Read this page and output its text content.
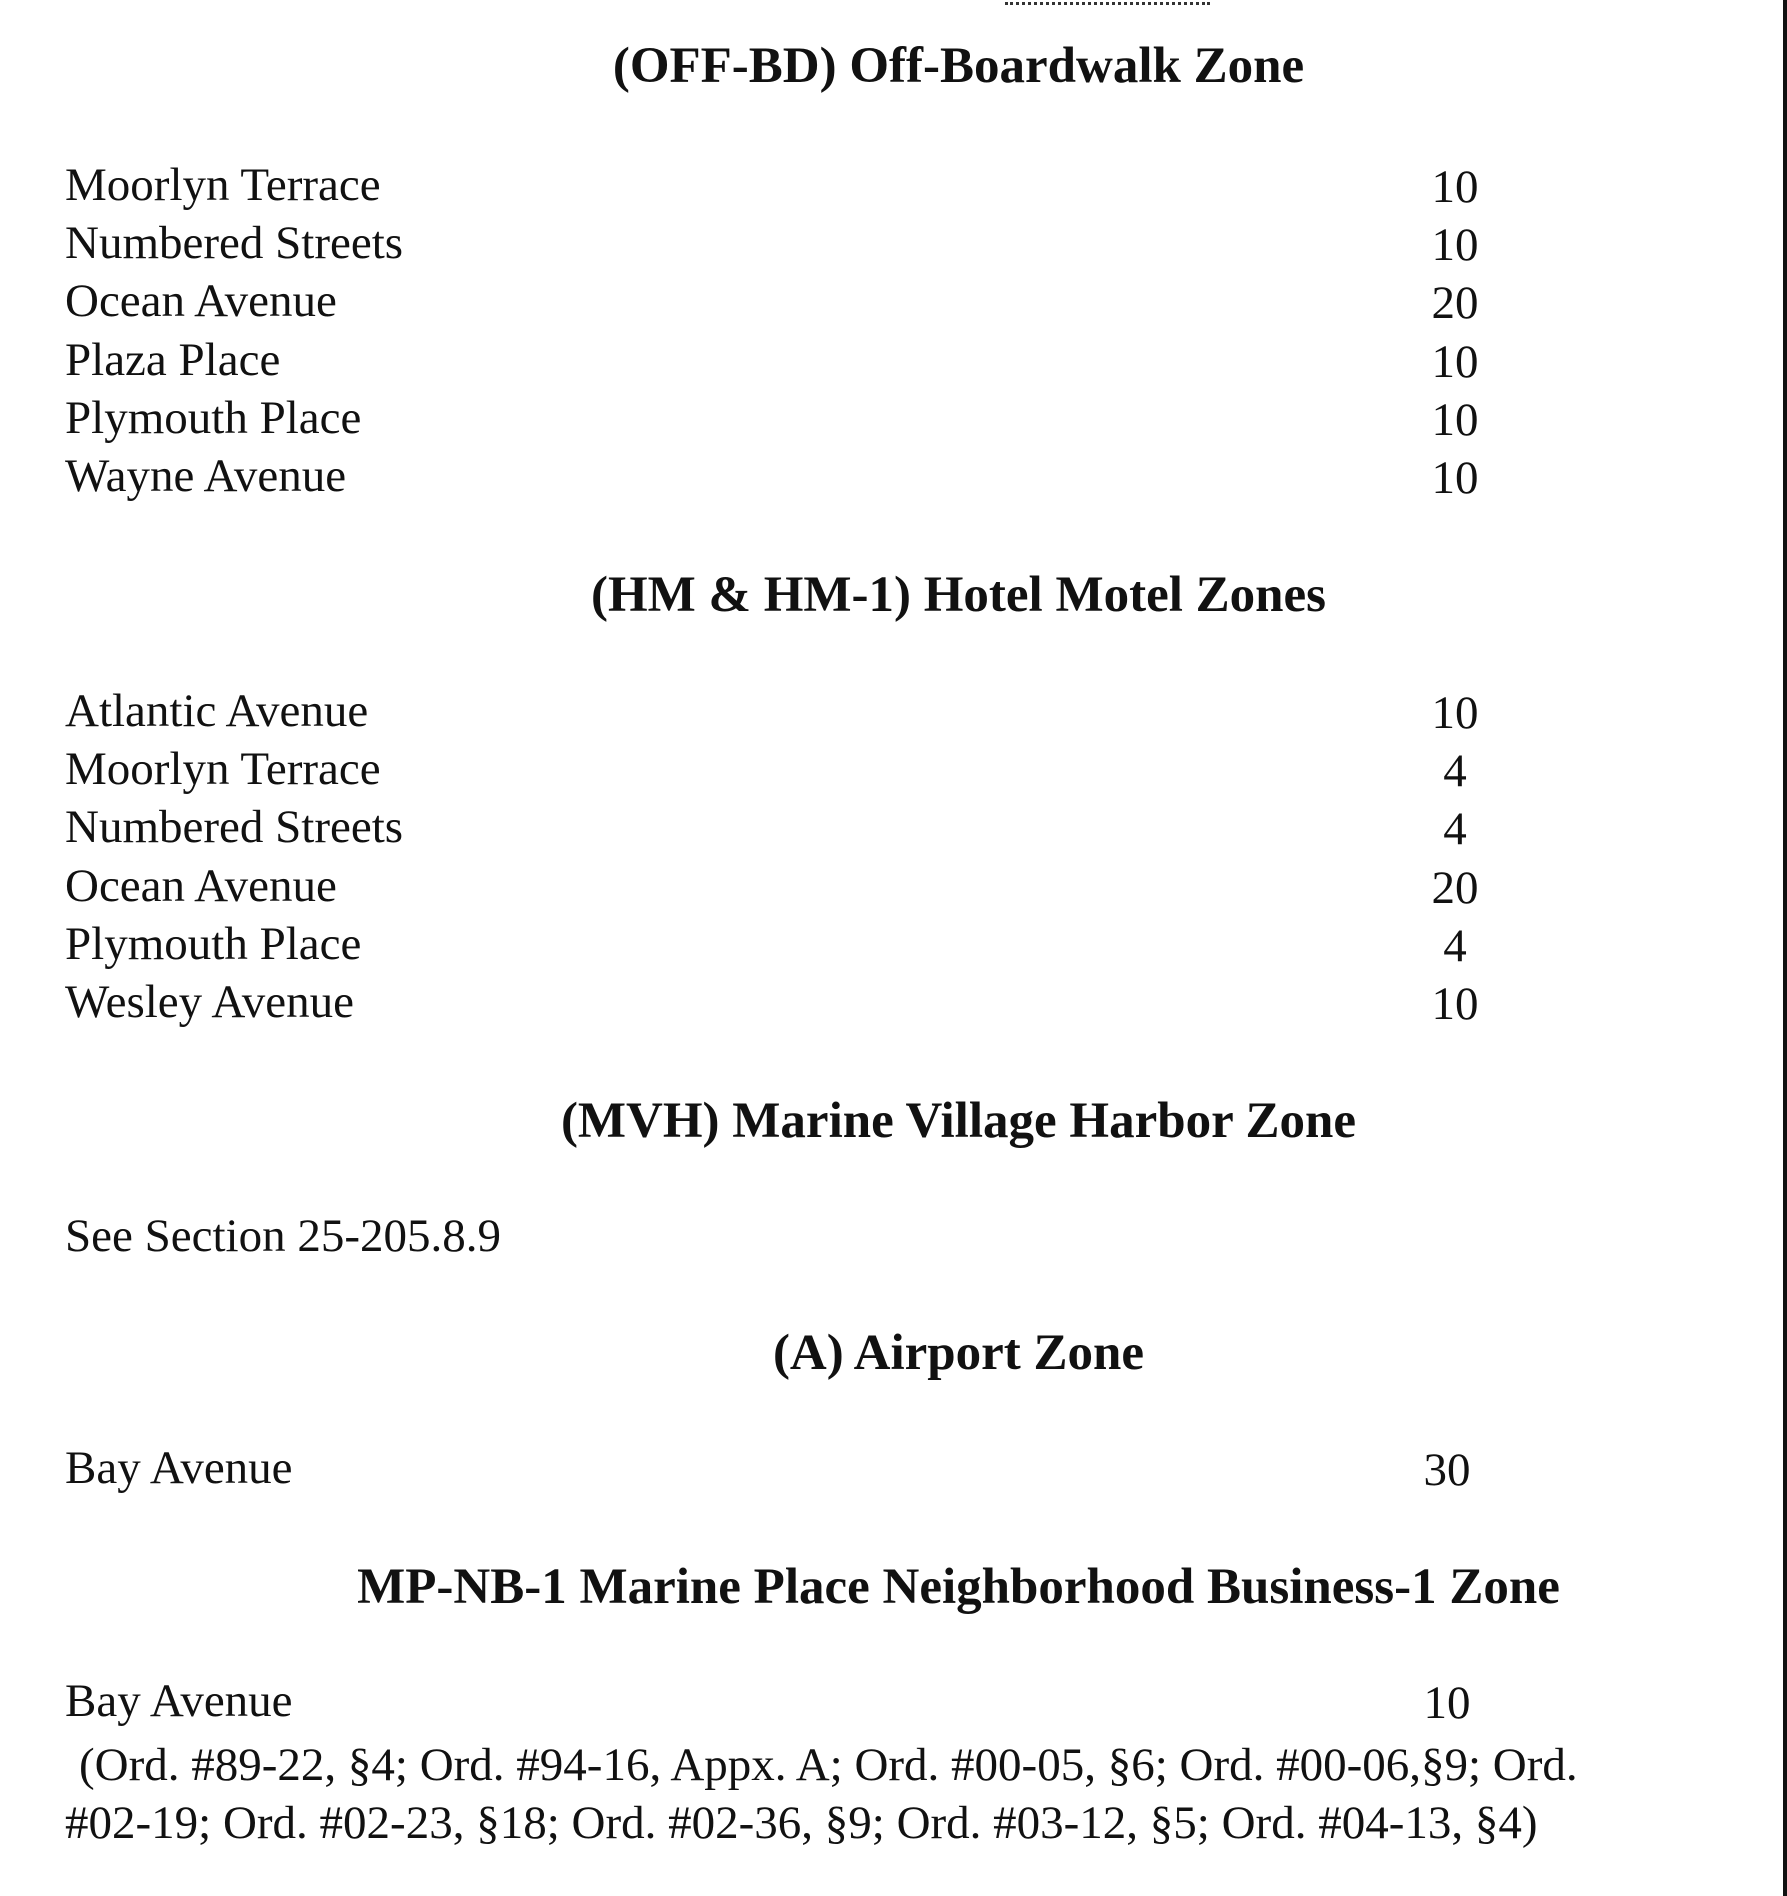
(OFF-BD) Off-Boardwalk Zone
Moorlyn Terrace	10
Numbered Streets	10
Ocean Avenue	20
Plaza Place	10
Plymouth Place	10
Wayne Avenue	10
(HM & HM-1) Hotel Motel Zones
Atlantic Avenue	10
Moorlyn Terrace	4
Numbered Streets	4
Ocean Avenue	20
Plymouth Place	4
Wesley Avenue	10
(MVH) Marine Village Harbor Zone
See Section 25-205.8.9
(A) Airport Zone
Bay Avenue	30
MP-NB-1 Marine Place Neighborhood Business-1 Zone
Bay Avenue	10
(Ord. #89-22, §4; Ord. #94-16, Appx. A; Ord. #00-05, §6; Ord. #00-06,§9; Ord.
#02-19; Ord. #02-23, §18; Ord. #02-36, §9; Ord. #03-12, §5; Ord. #04-13, §4)
